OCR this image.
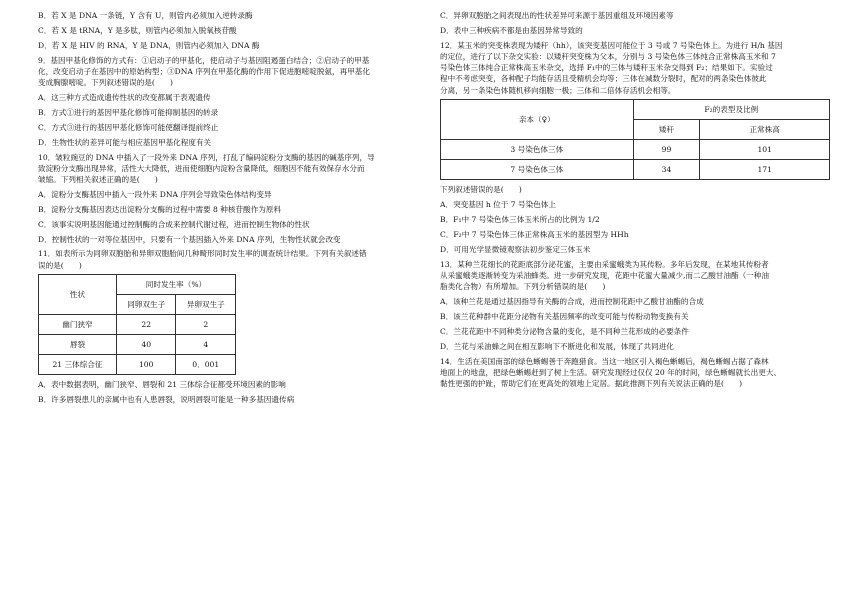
B．若 X 是 DNA 一条链，Y 含有 U，则管内必须加入逆转录酶

C．若 X 是 tRNA，Y 是多肽，则管内必须加入脱氧核苷酸

D．若 X 是 HIV 的 RNA，Y 是 DNA，则管内必须加入 DNA 酶

9．基因甲基化修饰的方式有：①启动子的甲基化，使启动子与基因阻遏蛋白结合；②启动子的甲基

化，改变启动子在基因中的原始构型；③DNA 序列在甲基化酶的作用下促进胞嘧啶脱氨，再甲基化

变成胸腺嘧啶。下列叙述错误的是(　　)

A．这三种方式造成遗传性状的改变都属于表观遗传

B．方式①进行的基因甲基化修饰可能抑制基因的转录

C．方式③进行的基因甲基化修饰可能使翻译提前终止

D．生物性状的差异可能与相应基因甲基化程度有关

10．皱粒豌豆的 DNA 中插入了一段外来 DNA 序列，打乱了编码淀粉分支酶的基因的碱基序列，导

致淀粉分支酶出现异常，活性大大降低，进而使细胞内淀粉含量降低，细胞因不能有效保存水分而

皱缩。下列相关叙述正确的是(　　)

A．淀粉分支酶基因中插入一段外来 DNA 序列会导致染色体结构变异

B．淀粉分支酶基因表达出淀粉分支酶的过程中需要 8 种核苷酸作为原料

C．该事实说明基因能通过控制酶的合成来控制代谢过程，进而控制生物体的性状

D．控制性状的一对等位基因中，只要有一个基因插入外来 DNA 序列，生物性状就会改变

11．如表所示为同卵双胞胎和异卵双胞胎间几种畸形同时发生率的调查统计结果。下列有关叙述错

误的是(　　)

性状	同时发生率（%）	
	同卵双生子	异卵双生子
幽门狭窄	22	2
唇裂	40	4
21 三体综合征	100	0．001

A．表中数据表明，幽门狭窄、唇裂和 21 三体综合征都受环境因素的影响

B．许多唇裂患儿的亲属中也有人患唇裂，说明唇裂可能是一种多基因遗传病

C．异卵双胞胎之间表现出的性状差异可来源于基因重组及环境因素等

D．表中三种疾病不都是由基因异常导致的

12．某玉米的突变株表现为矮秆（hh），该突变基因可能位于 3 号或 7 号染色体上。为进行 H/h 基因

的定位，进行了以下杂交实验：以矮秆突变株为父本，分别与 3 号染色体三体纯合正常株高玉米和 7

号染色体三体纯合正常株高玉米杂交，选择 F₁中的三体与矮秆玉米杂交得到 F₂；结果如下。实验过

程中不考虑突变，各种配子均能存活且受精机会均等；三体在减数分裂时，配对的两条染色体彼此

分离，另一条染色体随机移向细胞一极；三体和二倍体存活机会相等。

亲本（♀）	F₂的表型及比例	
	矮秆	正常株高
3 号染色体三体	99	101
7 号染色体三体	34	171

下列叙述错误的是(　　)

A．突变基因 h 位于 7 号染色体上

B．F₁中 7 号染色体三体玉米所占的比例为 1/2

C．F₂中 7 号染色体三体正常株高玉米的基因型为 HHh

D．可用光学显微镜观察法初步鉴定三体玉米

13．某种兰花细长的花距底部分泌花蜜，主要由采蜜蛾类为其传粉。多年后发现，在某地其传粉者

从采蜜蛾类逐渐转变为采油蜂类。进一步研究发现，花距中花蜜大量减少,而二乙酸甘油酯（一种油

脂类化合物）有所增加。下列分析错误的是(　　)

A．该种兰花是通过基因指导有关酶的合成，进而控制花距中乙酸甘油酯的合成

B．该兰花种群中花距分泌物有关基因频率的改变可能与传粉动物变换有关

C．兰花花距中不同种类分泌物含量的变化，是不同种兰花形成的必要条件

D．兰花与采油蜂之间在相互影响下不断进化和发展，体现了共同进化

14．生活在美国南部的绿色蜥蜴善于奔跑猎食。当这一地区引入褐色蜥蜴后，褐色蜥蜴占据了森林

地面上的地盘，把绿色蜥蜴赶到了树上生活。研究发现经过仅仅 20 年的时间，绿色蜥蜴就长出更大、

黏性更强的护趾，帮助它们在更高处的领地上定居。据此推测下列有关说法正确的是(　　)
